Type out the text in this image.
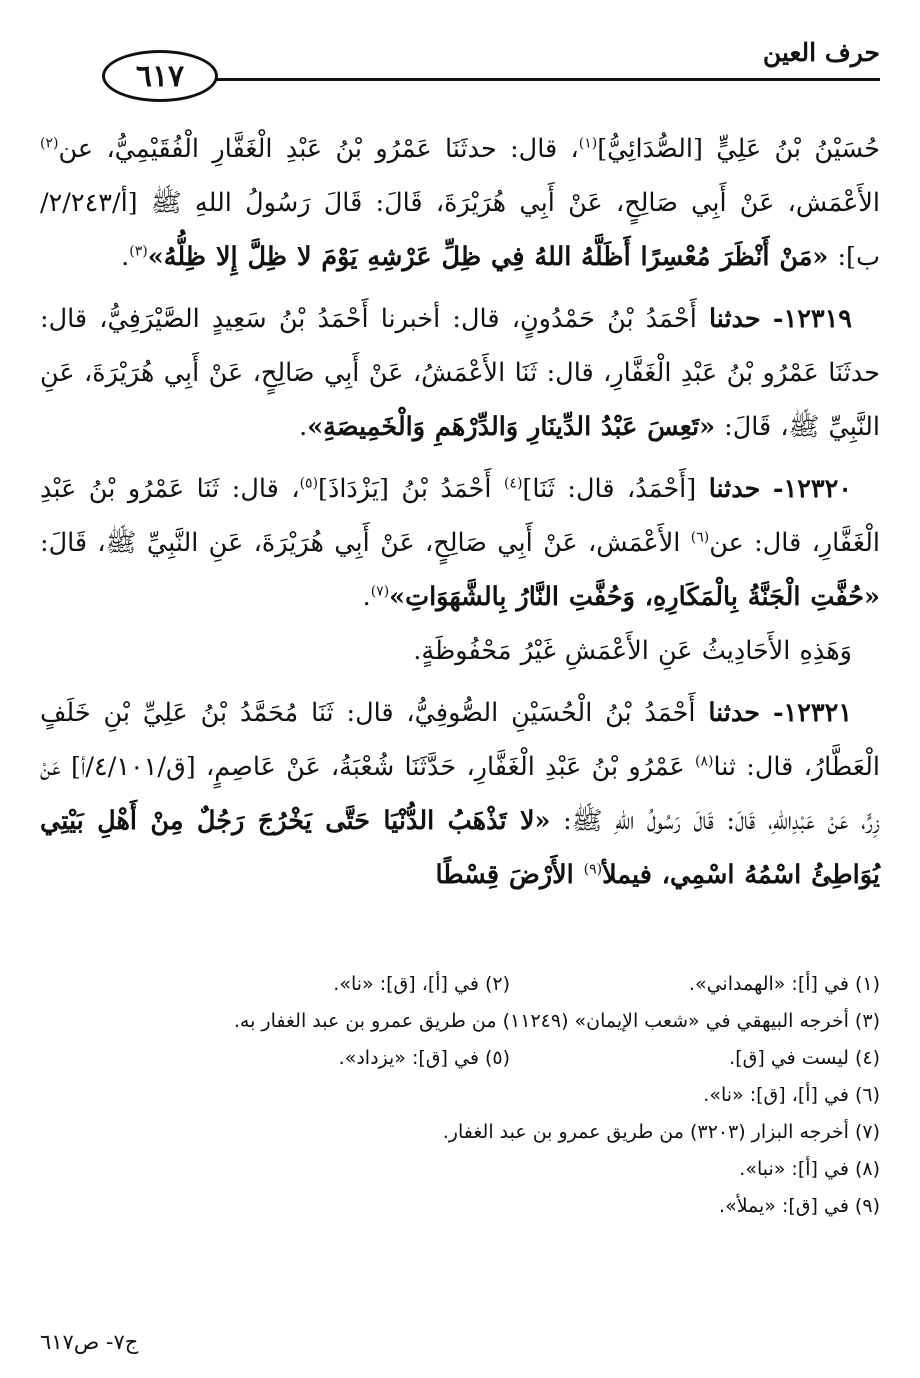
حرف العين
٦١٧

حُسَيْنُ بْنُ عَلِيٍّ [الصُّدَائِيُّ]$^{(١)}$، قال: حدثَنَا عَمْرُو بْنُ عَبْدِ الْغَفَّارِ الْفُقَيْمِيُّ، عن$^{(٢)}$ الأَعْمَش، عَنْ أَبِي صَالِحٍ، عَنْ أَبِي هُرَيْرَةَ، قَالَ: قَالَ رَسُولُ اللهِ ﷺ [أ/٢/٢٤٣/ ب]: «مَنْ أَنْظَرَ مُعْسِرًا أَظَلَّهُ اللهُ فِي ظِلِّ عَرْشِهِ يَوْمَ لا ظِلَّ إِلا ظِلُّهُ»$^{(٣)}$.

١٢٣١٩- حدثنا أَحْمَدُ بْنُ حَمْدُونٍ، قال: أخبرنا أَحْمَدُ بْنُ سَعِيدٍ الصَّيْرَفِيُّ، قال: حدثَنَا عَمْرُو بْنُ عَبْدِ الْغَفَّارِ، قال: ثَنَا الأَعْمَشُ، عَنْ أَبِي صَالِحٍ، عَنْ أَبِي هُرَيْرَةَ، عَنِ النَّبِيِّ ﷺ، قَالَ: «تَعِسَ عَبْدُ الدِّينَارِ وَالدِّرْهَمِ وَالْخَمِيصَةِ».

١٢٣٢٠- حدثنا [أَحْمَدُ، قال: ثَنَا]$^{(٤)}$ أَحْمَدُ بْنُ [يَزْدَاذَ]$^{(٥)}$، قال: ثَنَا عَمْرُو بْنُ عَبْدِ الْغَفَّارِ، قال: عن$^{(٦)}$ الأَعْمَش، عَنْ أَبِي صَالِحٍ، عَنْ أَبِي هُرَيْرَةَ، عَنِ النَّبِيِّ ﷺ، قَالَ: «حُفَّتِ الْجَنَّةُ بِالْمَكَارِهِ، وَحُفَّتِ النَّارُ بِالشَّهَوَاتِ»$^{(٧)}$.

وَهَذِهِ الأَحَادِيثُ عَنِ الأَعْمَشِ غَيْرُ مَحْفُوظَةٍ.

١٢٣٢١- حدثنا أَحْمَدُ بْنُ الْحُسَيْنِ الصُّوفِيُّ، قال: ثَنَا مُحَمَّدُ بْنُ عَلِيِّ بْنِ خَلَفٍ الْعَطَّارُ، قال: ثنا$^{(٨)}$ عَمْرُو بْنُ عَبْدِ الْغَفَّارِ، حَدَّثَنَا شُعْبَةُ، عَنْ عَاصِمٍ، [ق/٤/١٠١/أ] عَنْ زِرٍّ، عَنْ عَبْدِاللهِ، قَالَ: قَالَ رَسُولُ اللهِ ﷺ: «لا تَذْهَبُ الدُّنْيَا حَتَّى يَخْرُجَ رَجُلٌ مِنْ أَهْلِ بَيْتِي يُوَاطِئُ اسْمُهُ اسْمِي، فيملأ$^{(٩)}$ الأَرْضَ قِسْطًا

(١) في [أ]: «الهمداني».
(٢) في [أ]، [ق]: «نا».
(٣) أخرجه البيهقي في «شعب الإيمان» (١١٢٤٩) من طريق عمرو بن عبد الغفار به.
(٤) ليست في [ق].
(٥) في [ق]: «يزداد».
(٦) في [أ]، [ق]: «نا».
(٧) أخرجه البزار (٣٢٠٣) من طريق عمرو بن عبد الغفار.
(٨) في [أ]: «نبا».
(٩) في [ق]: «يملأ».
ج٧- ص٦١٧
